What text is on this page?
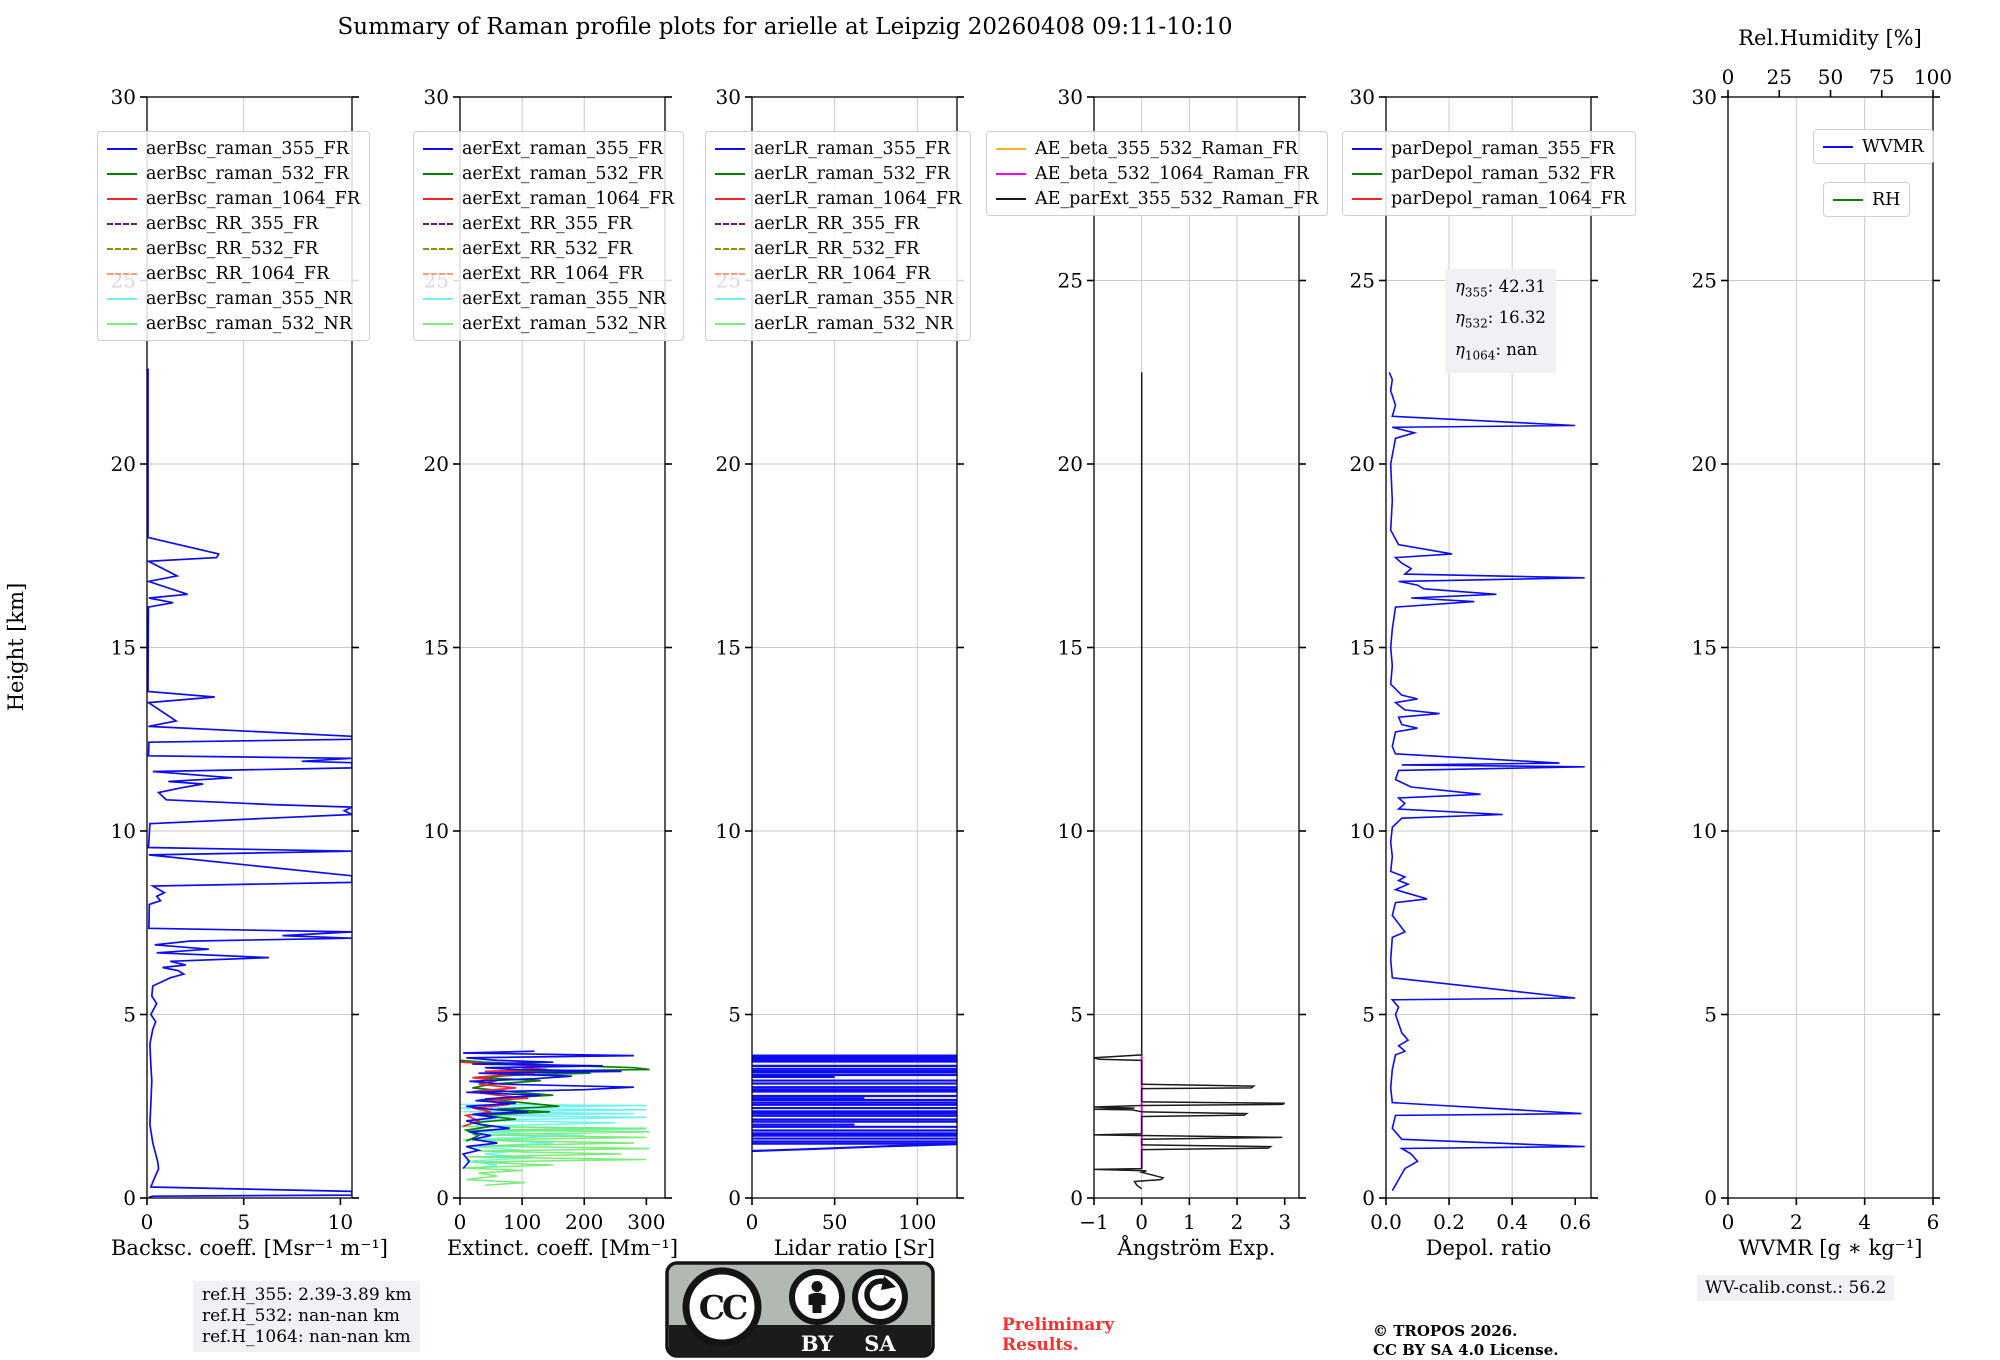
Summary of Raman profile plots for arielle at Leipzig 20260408 09:11-10:10
Height [km]
Rel.Humidity [%]
0
5
10
15
20
30
0	5	10
0
5
10
15
20
30
0 100 200 300
0
5
10
15
20
30
0	50	100
0
5
10
15
20
25
30
−1 0 1 2 3
0
5
10
15
20
25
30
0.0 0.2 0.4 0.6
0
5
10
15
20
25
30
0	2	4	6
0 25 50 75 100
Backsc. coeff. [Msr⁻¹ m⁻¹]
aerBsc_raman_355_FR
aerBsc_raman_532_FR
aerBsc_raman_1064_FR
aerBsc_RR_355_FR
aerBsc_RR_532_FR
aerBsc_RR_1064_FR
aerBsc_raman_355_NR
aerBsc_raman_532_NR
Extinct. coeff. [Mm⁻¹]
aerExt_raman_355_FR
aerExt_raman_532_FR
aerExt_raman_1064_FR
aerExt_RR_355_FR
aerExt_RR_532_FR
aerExt_RR_1064_FR
aerExt_raman_355_NR
aerExt_raman_532_NR
Lidar ratio [Sr]
aerLR_raman_355_FR
aerLR_raman_532_FR
aerLR_raman_1064_FR
aerLR_RR_355_FR
aerLR_RR_532_FR
aerLR_RR_1064_FR
aerLR_raman_355_NR
aerLR_raman_532_NR
Ångström Exp.
AE_beta_355_532_Raman_FR
AE_beta_532_1064_Raman_FR
AE_parExt_355_532_Raman_FR
Depol. ratio
parDepol_raman_355_FR
parDepol_raman_532_FR
parDepol_raman_1064_FR
$\eta_{355}$: 42.31
$\eta_{532}$: 16.32
$\eta_{1064}$: nan
WVMR [g ∗ kg⁻¹]
WVMR
RH
ref.H_355: 2.39-3.89 km
ref.H_532: nan-nan km
ref.H_1064: nan-nan km
CC
BY SA
Preliminary
Results.
© TROPOS 2026.
CC BY SA 4.0 License.
WV-calib.const.: 56.2
